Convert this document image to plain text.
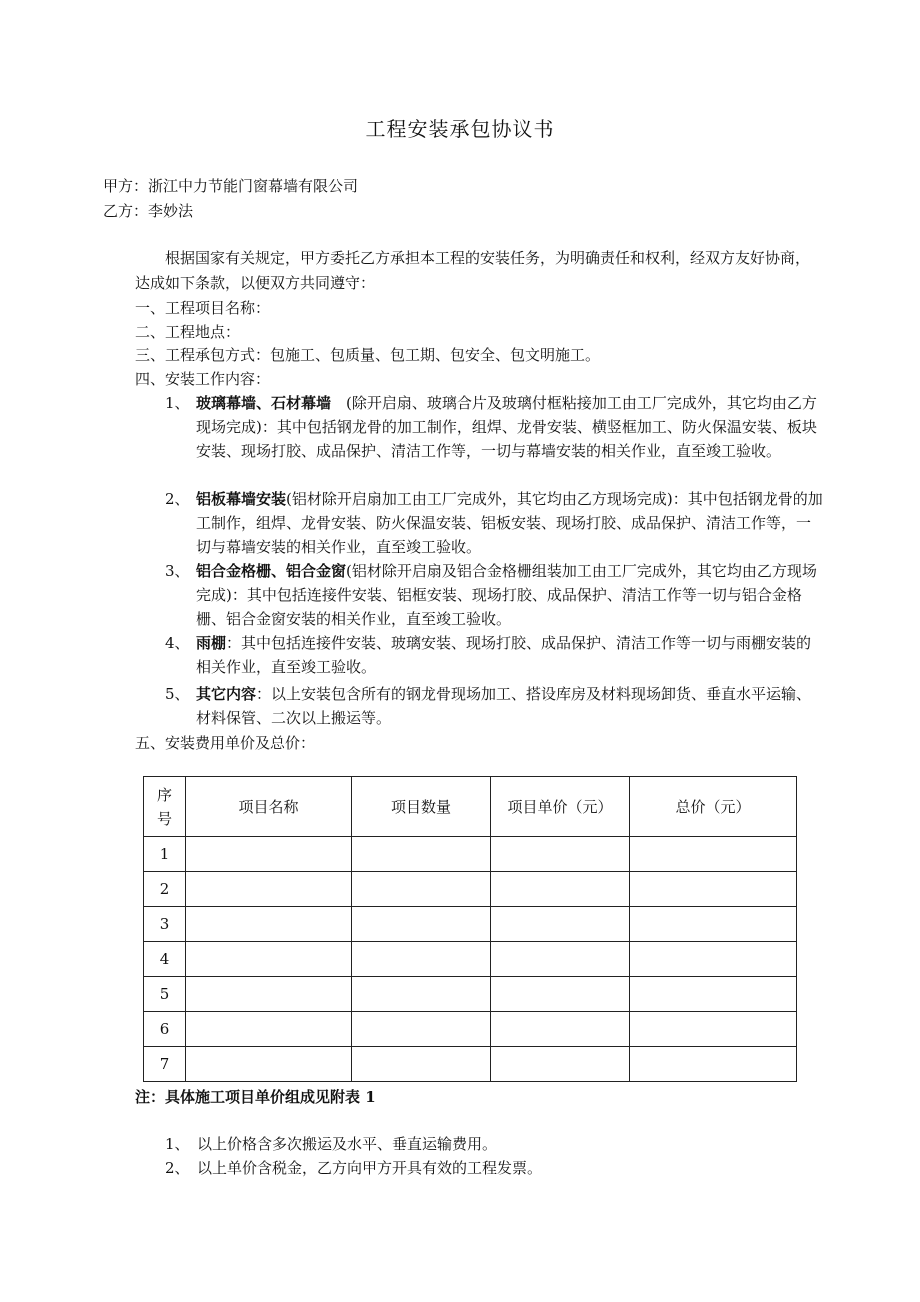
工程安装承包协议书
甲方：浙江中力节能门窗幕墙有限公司
乙方：李妙法
根据国家有关规定，甲方委托乙方承担本工程的安装任务，为明确责任和权利，经双方友好协商，达成如下条款，以便双方共同遵守：
一、工程项目名称：
二、工程地点：
三、工程承包方式：包施工、包质量、包工期、包安全、包文明施工。
四、安装工作内容：
1、 玻璃幕墙、石材幕墙　(除开启扇、玻璃合片及玻璃付框粘接加工由工厂完成外，其它均由乙方现场完成)：其中包括钢龙骨的加工制作，组焊、龙骨安装、横竖框加工、防火保温安装、板块安装、现场打胶、成品保护、清洁工作等，一切与幕墙安装的相关作业，直至竣工验收。
2、 铝板幕墙安装(铝材除开启扇加工由工厂完成外，其它均由乙方现场完成)：其中包括钢龙骨的加工制作，组焊、龙骨安装、防火保温安装、铝板安装、现场打胶、成品保护、清洁工作等，一切与幕墙安装的相关作业，直至竣工验收。
3、 铝合金格栅、铝合金窗(铝材除开启扇及铝合金格栅组装加工由工厂完成外，其它均由乙方现场完成)：其中包括连接件安装、铝框安装、现场打胶、成品保护、清洁工作等一切与铝合金格栅、铝合金窗安装的相关作业，直至竣工验收。
4、 雨棚：其中包括连接件安装、玻璃安装、现场打胶、成品保护、清洁工作等一切与雨棚安装的相关作业，直至竣工验收。
5、 其它内容：以上安装包含所有的钢龙骨现场加工、搭设库房及材料现场卸货、垂直水平运输、材料保管、二次以上搬运等。
五、安装费用单价及总价：
序
号	项目名称	项目数量	项目单价（元）	总价（元）
1				
2				
3				
4				
5				
6				
7				
注：具体施工项目单价组成见附表 1
1、  以上价格含多次搬运及水平、垂直运输费用。
2、  以上单价含税金，乙方向甲方开具有效的工程发票。
